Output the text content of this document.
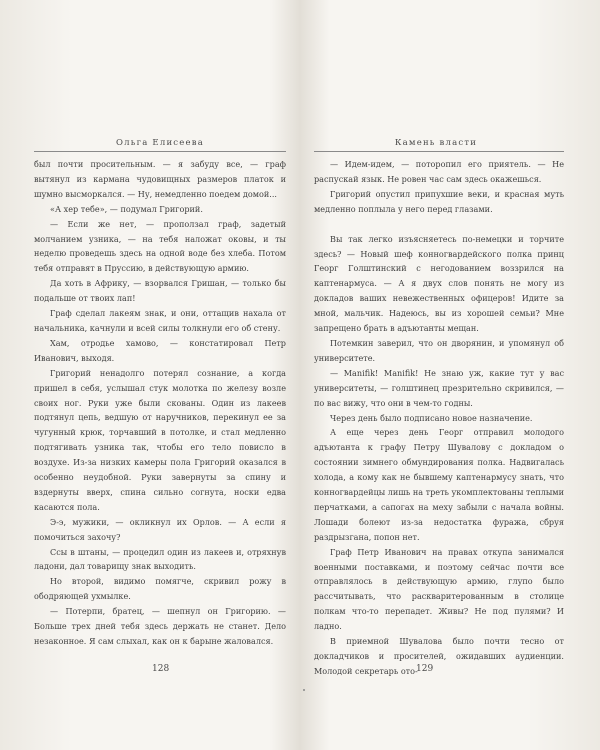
Ольга Елисеева

был почти просительным. — я забуду все, — граф вытянул из кармана чудовищных размеров платок и шумно высморкался. — Ну, немедленно поедем домой...

«А хер тебе», — подумал Григорий.

— Если же нет, — проползал граф, задетый молчанием узника, — на тебя наложат оковы, и ты неделю проведешь здесь на одной воде без хлеба. Потом тебя отправят в Пруссию, в действующую армию.

Да хоть в Африку, — взорвался Гришан, — только бы подальше от твоих лап!

Граф сделал лакеям знак, и они, оттащив нахала от начальника, качнули и всей силы толкнули его об стену.

Хам, отродье хамово, — констатировал Петр Иванович, выходя.

Григорий ненадолго потерял сознание, а когда пришел в себя, услышал стук молотка по железу возле своих ног. Руки уже были скованы. Один из лакеев подтянул цепь, ведшую от наручников, перекинул ее за чугунный крюк, торчавший в потолке, и стал медленно подтягивать узника так, чтобы его тело повисло в воздухе. Из-за низких камеры пола Григорий оказался в особенно неудобной. Руки завернуты за спину и вздернуты вверх, спина сильно согнута, носки едва касаются пола.

Э-э, мужики, — окликнул их Орлов. — А если я помочиться захочу?

Ссы в штаны, — процедил один из лакеев и, отряхнув ладони, дал товарищу знак выходить.

Но второй, видимо помягче, скривил рожу в ободряющей ухмылке.

— Потерпи, братец, — шепнул он Григорию. — Больше трех дней тебя здесь держать не станет. Дело незаконное. Я сам слыхал, как он к барыне жаловался.

128
Камень власти

— Идем-идем, — поторопил его приятель. — Не распускай язык. Не ровен час сам здесь окажешься.

Григорий опустил припухшие веки, и красная муть медленно поплыла у него перед глазами.

Вы так легко изъясняетесь по-немецки и торчите здесь? — Новый шеф конногвардейского полка принц Георг Голштинский с негодованием воззрился на каптенармуса. — А я двух слов понять не могу из докладов ваших невежественных офицеров! Идите за мной, мальчик. Надеюсь, вы из хорошей семьи? Мне запрещено брать в адъютанты мещан.

Потемкин заверил, что он дворянин, и упомянул об университете.

— Manifik! Manifik! Не знаю уж, какие тут у вас университеты, — голштинец презрительно скривился, — по вас вижу, что они в чем-то годны.

Через день было подписано новое назначение.

А еще через день Георг отправил молодого адъютанта к графу Петру Шувалову с докладом о состоянии зимнего обмундирования полка. Надвигалась холода, а кому как не бывшему каптенармусу знать, что конногвардейцы лишь на треть укомплектованы теплыми перчатками, а сапогах на меху забыли с начала войны. Лошади болеют из-за недостатка фуража, сбруя раздрызгана, попон нет.

Граф Петр Иванович на правах откупа занимался военными поставками, и поэтому сейчас почти все отправлялось в действующую армию, глупо было рассчитывать, что раскваритерованным в столице полкам что-то перепадет. Живы? Не под пулями? И ладно.

В приемной Шувалова было почти тесно от докладчиков и просителей, ожидавших аудиенции. Молодой секретарь ото-

129
